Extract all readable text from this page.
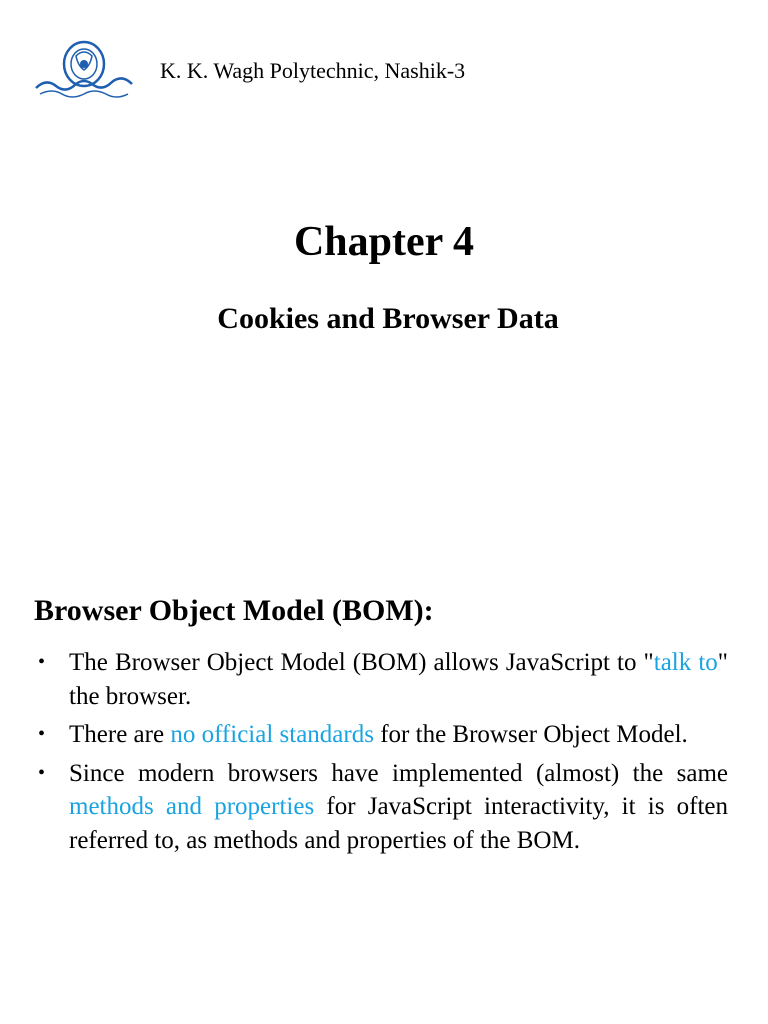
K. K. Wagh Polytechnic, Nashik-3
Chapter 4
Cookies and Browser Data
Browser Object Model (BOM):
• The Browser Object Model (BOM) allows JavaScript to "talk to" the browser.
• There are no official standards for the Browser Object Model.
• Since modern browsers have implemented (almost) the same methods and properties for JavaScript interactivity, it is often referred to, as methods and properties of the BOM.
